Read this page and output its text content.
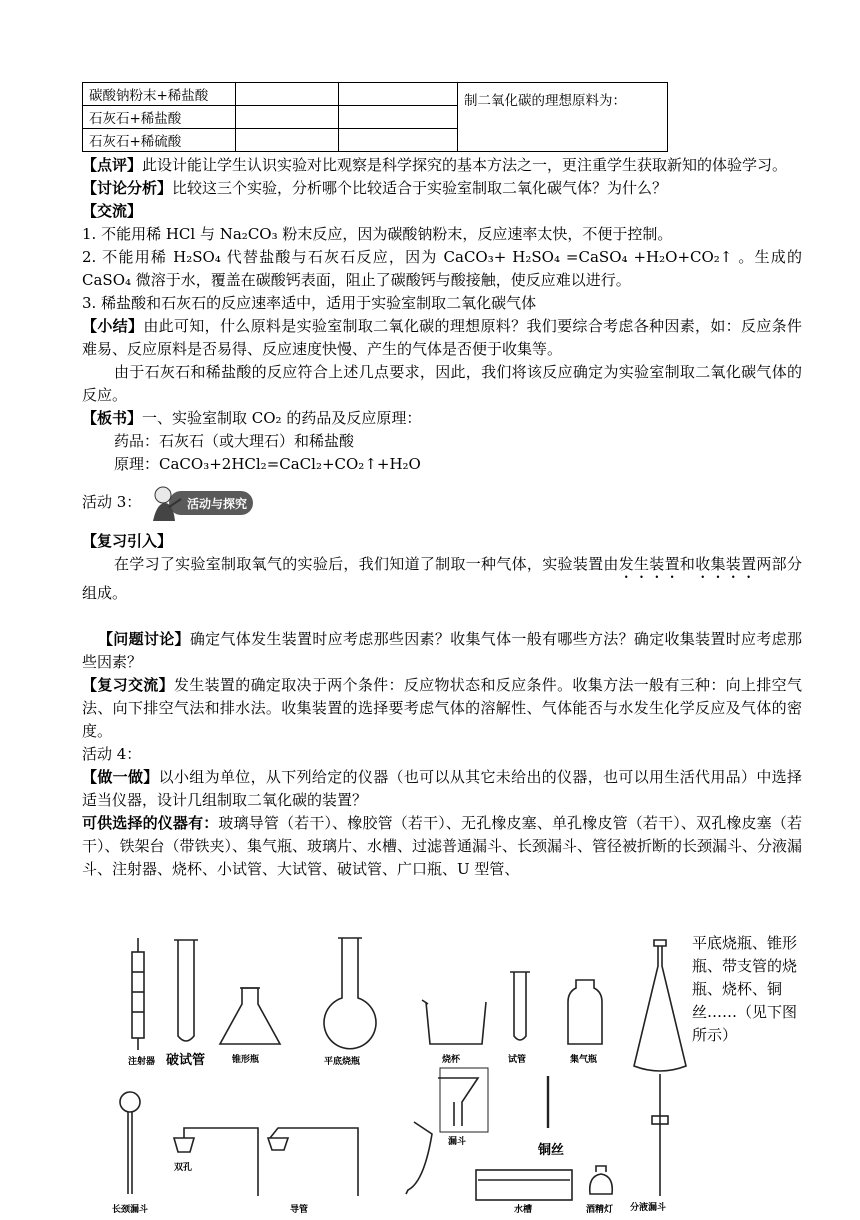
碳酸钠粉末+稀盐酸			制二氧化碳的理想原料为：
石灰石+稀盐酸			
石灰石+稀硫酸			

【点评】此设计能让学生认识实验对比观察是科学探究的基本方法之一，更注重学生获取新知的体验学习。

【讨论分析】比较这三个实验，分析哪个比较适合于实验室制取二氧化碳气体？为什么？

【交流】

1. 不能用稀 HCl 与 Na₂CO₃ 粉末反应，因为碳酸钠粉末，反应速率太快，不便于控制。

2. 不能用稀 H₂SO₄ 代替盐酸与石灰石反应，因为 CaCO₃+ H₂SO₄ =CaSO₄ +H₂O+CO₂↑ 。生成的 CaSO₄ 微溶于水，覆盖在碳酸钙表面，阻止了碳酸钙与酸接触，使反应难以进行。

3. 稀盐酸和石灰石的反应速率适中，适用于实验室制取二氧化碳气体

【小结】由此可知，什么原料是实验室制取二氧化碳的理想原料？我们要综合考虑各种因素，如：反应条件难易、反应原料是否易得、反应速度快慢、产生的气体是否便于收集等。

由于石灰石和稀盐酸的反应符合上述几点要求，因此，我们将该反应确定为实验室制取二氧化碳气体的反应。

【板书】一、实验室制取 CO₂ 的药品及反应原理：

药品：石灰石（或大理石）和稀盐酸

原理：CaCO₃+2HCl₂=CaCl₂+CO₂↑+H₂O

活动 3：	活动与探究

【复习引入】

在学习了实验室制取氧气的实验后，我们知道了制取一种气体，实验装置由发生装置和收集装置两部分组成。

【问题讨论】确定气体发生装置时应考虑那些因素？收集气体一般有哪些方法？确定收集装置时应考虑那些因素？

【复习交流】发生装置的确定取决于两个条件：反应物状态和反应条件。收集方法一般有三种：向上排空气法、向下排空气法和排水法。收集装置的选择要考虑气体的溶解性、气体能否与水发生化学反应及气体的密度。

活动 4：

【做一做】以小组为单位，从下列给定的仪器（也可以从其它未给出的仪器，也可以用生活代用品）中选择适当仪器，设计几组制取二氧化碳的装置？

可供选择的仪器有：玻璃导管（若干）、橡胶管（若干）、无孔橡皮塞、单孔橡皮管（若干）、双孔橡皮塞（若干）、铁架台（带铁夹）、集气瓶、玻璃片、水槽、过滤普通漏斗、长颈漏斗、管径被折断的长颈漏斗、分液漏斗、注射器、烧杯、小试管、大试管、破试管、广口瓶、U 型管、

平底烧瓶、锥形瓶、带支管的烧瓶、烧杯、铜丝……（见下图所示）
注射器 破试管	锥形瓶	平底烧瓶	烧杯	试管	集气瓶
长颈漏斗
双孔
导管
漏斗
铜丝
水槽	酒精灯 分液漏斗
